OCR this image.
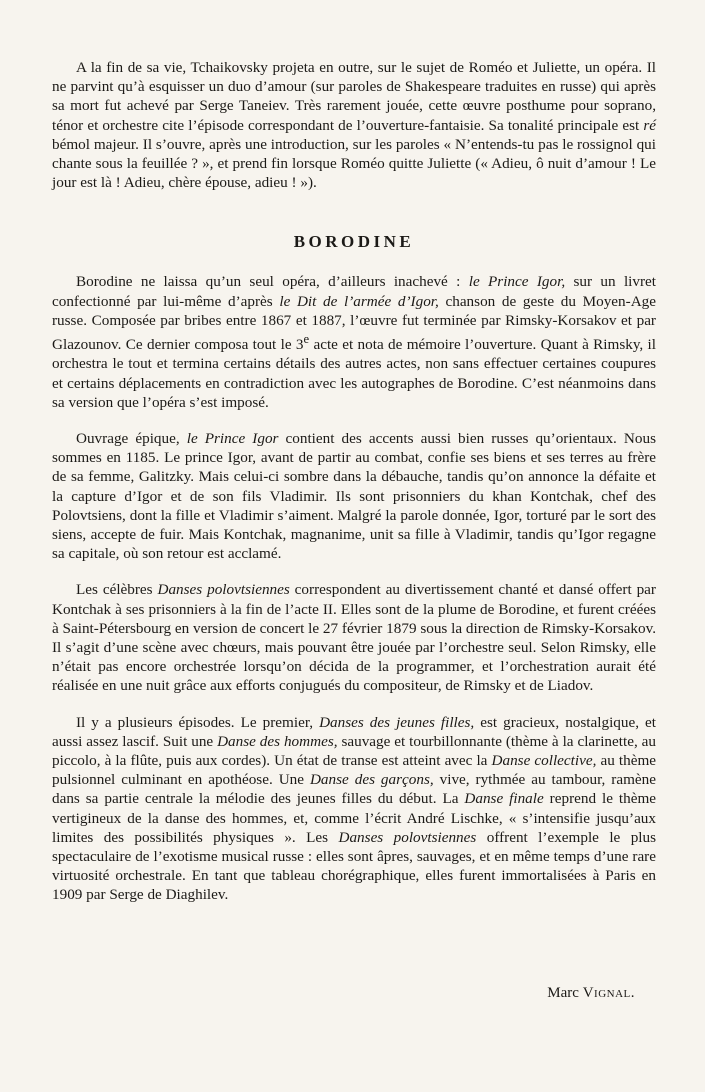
A la fin de sa vie, Tchaikovsky projeta en outre, sur le sujet de Roméo et Juliette, un opéra. Il ne parvint qu’à esquisser un duo d’amour (sur paroles de Shakespeare traduites en russe) qui après sa mort fut achevé par Serge Taneiev. Très rarement jouée, cette œuvre posthume pour soprano, ténor et orchestre cite l’épisode correspondant de l’ouverture-fantaisie. Sa tonalité principale est ré bémol majeur. Il s’ouvre, après une introduction, sur les paroles « N’entends-tu pas le rossignol qui chante sous la feuillée ? », et prend fin lorsque Roméo quitte Juliette (« Adieu, ô nuit d’amour ! Le jour est là ! Adieu, chère épouse, adieu ! »).

BORODINE

Borodine ne laissa qu’un seul opéra, d’ailleurs inachevé : le Prince Igor, sur un livret confectionné par lui-même d’après le Dit de l’armée d’Igor, chanson de geste du Moyen-Age russe. Composée par bribes entre 1867 et 1887, l’œuvre fut terminée par Rimsky-Korsakov et par Glazounov. Ce dernier composa tout le 3e acte et nota de mémoire l’ouverture. Quant à Rimsky, il orchestra le tout et termina certains détails des autres actes, non sans effectuer certaines coupures et certains déplacements en contradiction avec les autographes de Borodine. C’est néanmoins dans sa version que l’opéra s’est imposé.

Ouvrage épique, le Prince Igor contient des accents aussi bien russes qu’orientaux. Nous sommes en 1185. Le prince Igor, avant de partir au combat, confie ses biens et ses terres au frère de sa femme, Galitzky. Mais celui-ci sombre dans la débauche, tandis qu’on annonce la défaite et la capture d’Igor et de son fils Vladimir. Ils sont prisonniers du khan Kontchak, chef des Polovtsiens, dont la fille et Vladimir s’aiment. Malgré la parole donnée, Igor, torturé par le sort des siens, accepte de fuir. Mais Kontchak, magnanime, unit sa fille à Vladimir, tandis qu’Igor regagne sa capitale, où son retour est acclamé.

Les célèbres Danses polovtsiennes correspondent au divertissement chanté et dansé offert par Kontchak à ses prisonniers à la fin de l’acte II. Elles sont de la plume de Borodine, et furent créées à Saint-Pétersbourg en version de concert le 27 février 1879 sous la direction de Rimsky-Korsakov. Il s’agit d’une scène avec chœurs, mais pouvant être jouée par l’orchestre seul. Selon Rimsky, elle n’était pas encore orchestrée lorsqu’on décida de la programmer, et l’orchestration aurait été réalisée en une nuit grâce aux efforts conjugués du compositeur, de Rimsky et de Liadov.

Il y a plusieurs épisodes. Le premier, Danses des jeunes filles, est gracieux, nostalgique, et aussi assez lascif. Suit une Danse des hommes, sauvage et tourbillonnante (thème à la clarinette, au piccolo, à la flûte, puis aux cordes). Un état de transe est atteint avec la Danse collective, au thème pulsionnel culminant en apothéose. Une Danse des garçons, vive, rythmée au tambour, ramène dans sa partie centrale la mélodie des jeunes filles du début. La Danse finale reprend le thème vertigineux de la danse des hommes, et, comme l’écrit André Lischke, « s’intensifie jusqu’aux limites des possibilités physiques ». Les Danses polovtsiennes offrent l’exemple le plus spectaculaire de l’exotisme musical russe : elles sont âpres, sauvages, et en même temps d’une rare virtuosité orchestrale. En tant que tableau chorégraphique, elles furent immortalisées à Paris en 1909 par Serge de Diaghilev.

Marc Vignal.
